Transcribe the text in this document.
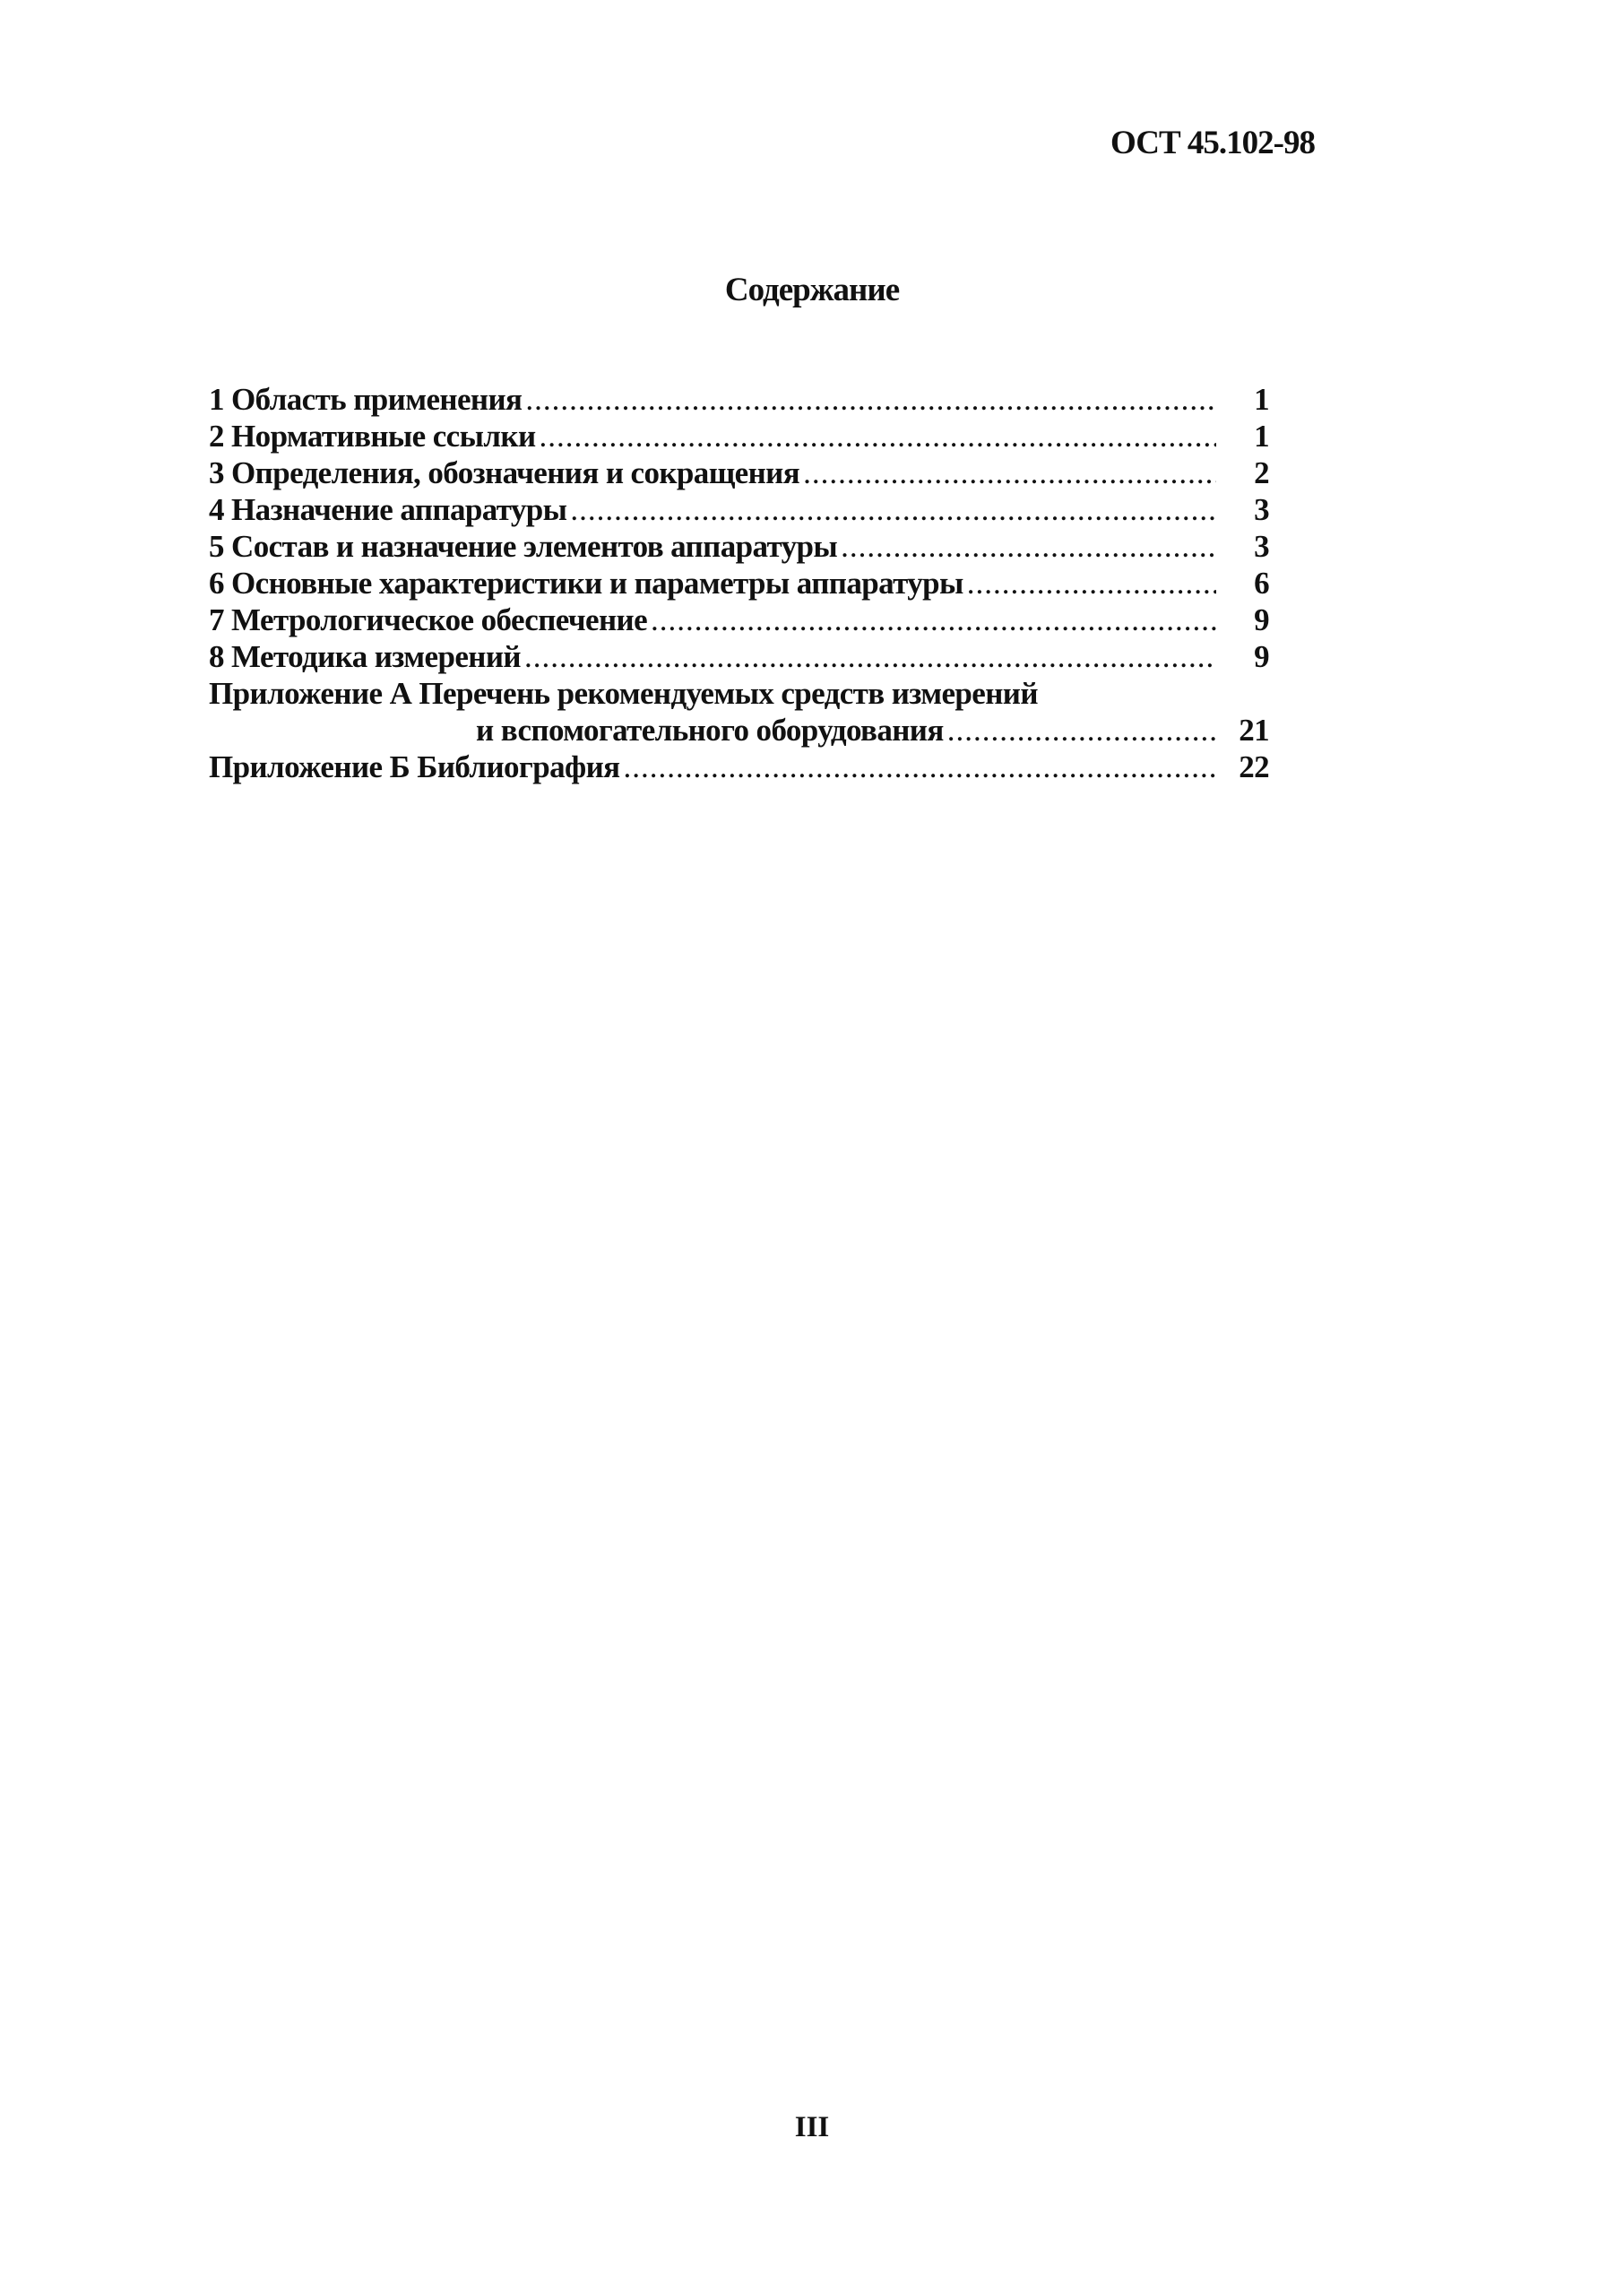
ОСТ 45.102-98
Содержание
1 Область применения .....	1
2 Нормативные ссылки .....	1
3 Определения, обозначения и сокращения .....	2
4 Назначение аппаратуры .....	3
5 Состав и назначение элементов аппаратуры .....	3
6 Основные характеристики и параметры аппаратуры .....	6
7 Метрологическое обеспечение .....	9
8 Методика измерений .....	9
Приложение А Перечень рекомендуемых средств измерений
и вспомогательного оборудования .....	21
Приложение Б Библиография .....	22
III
